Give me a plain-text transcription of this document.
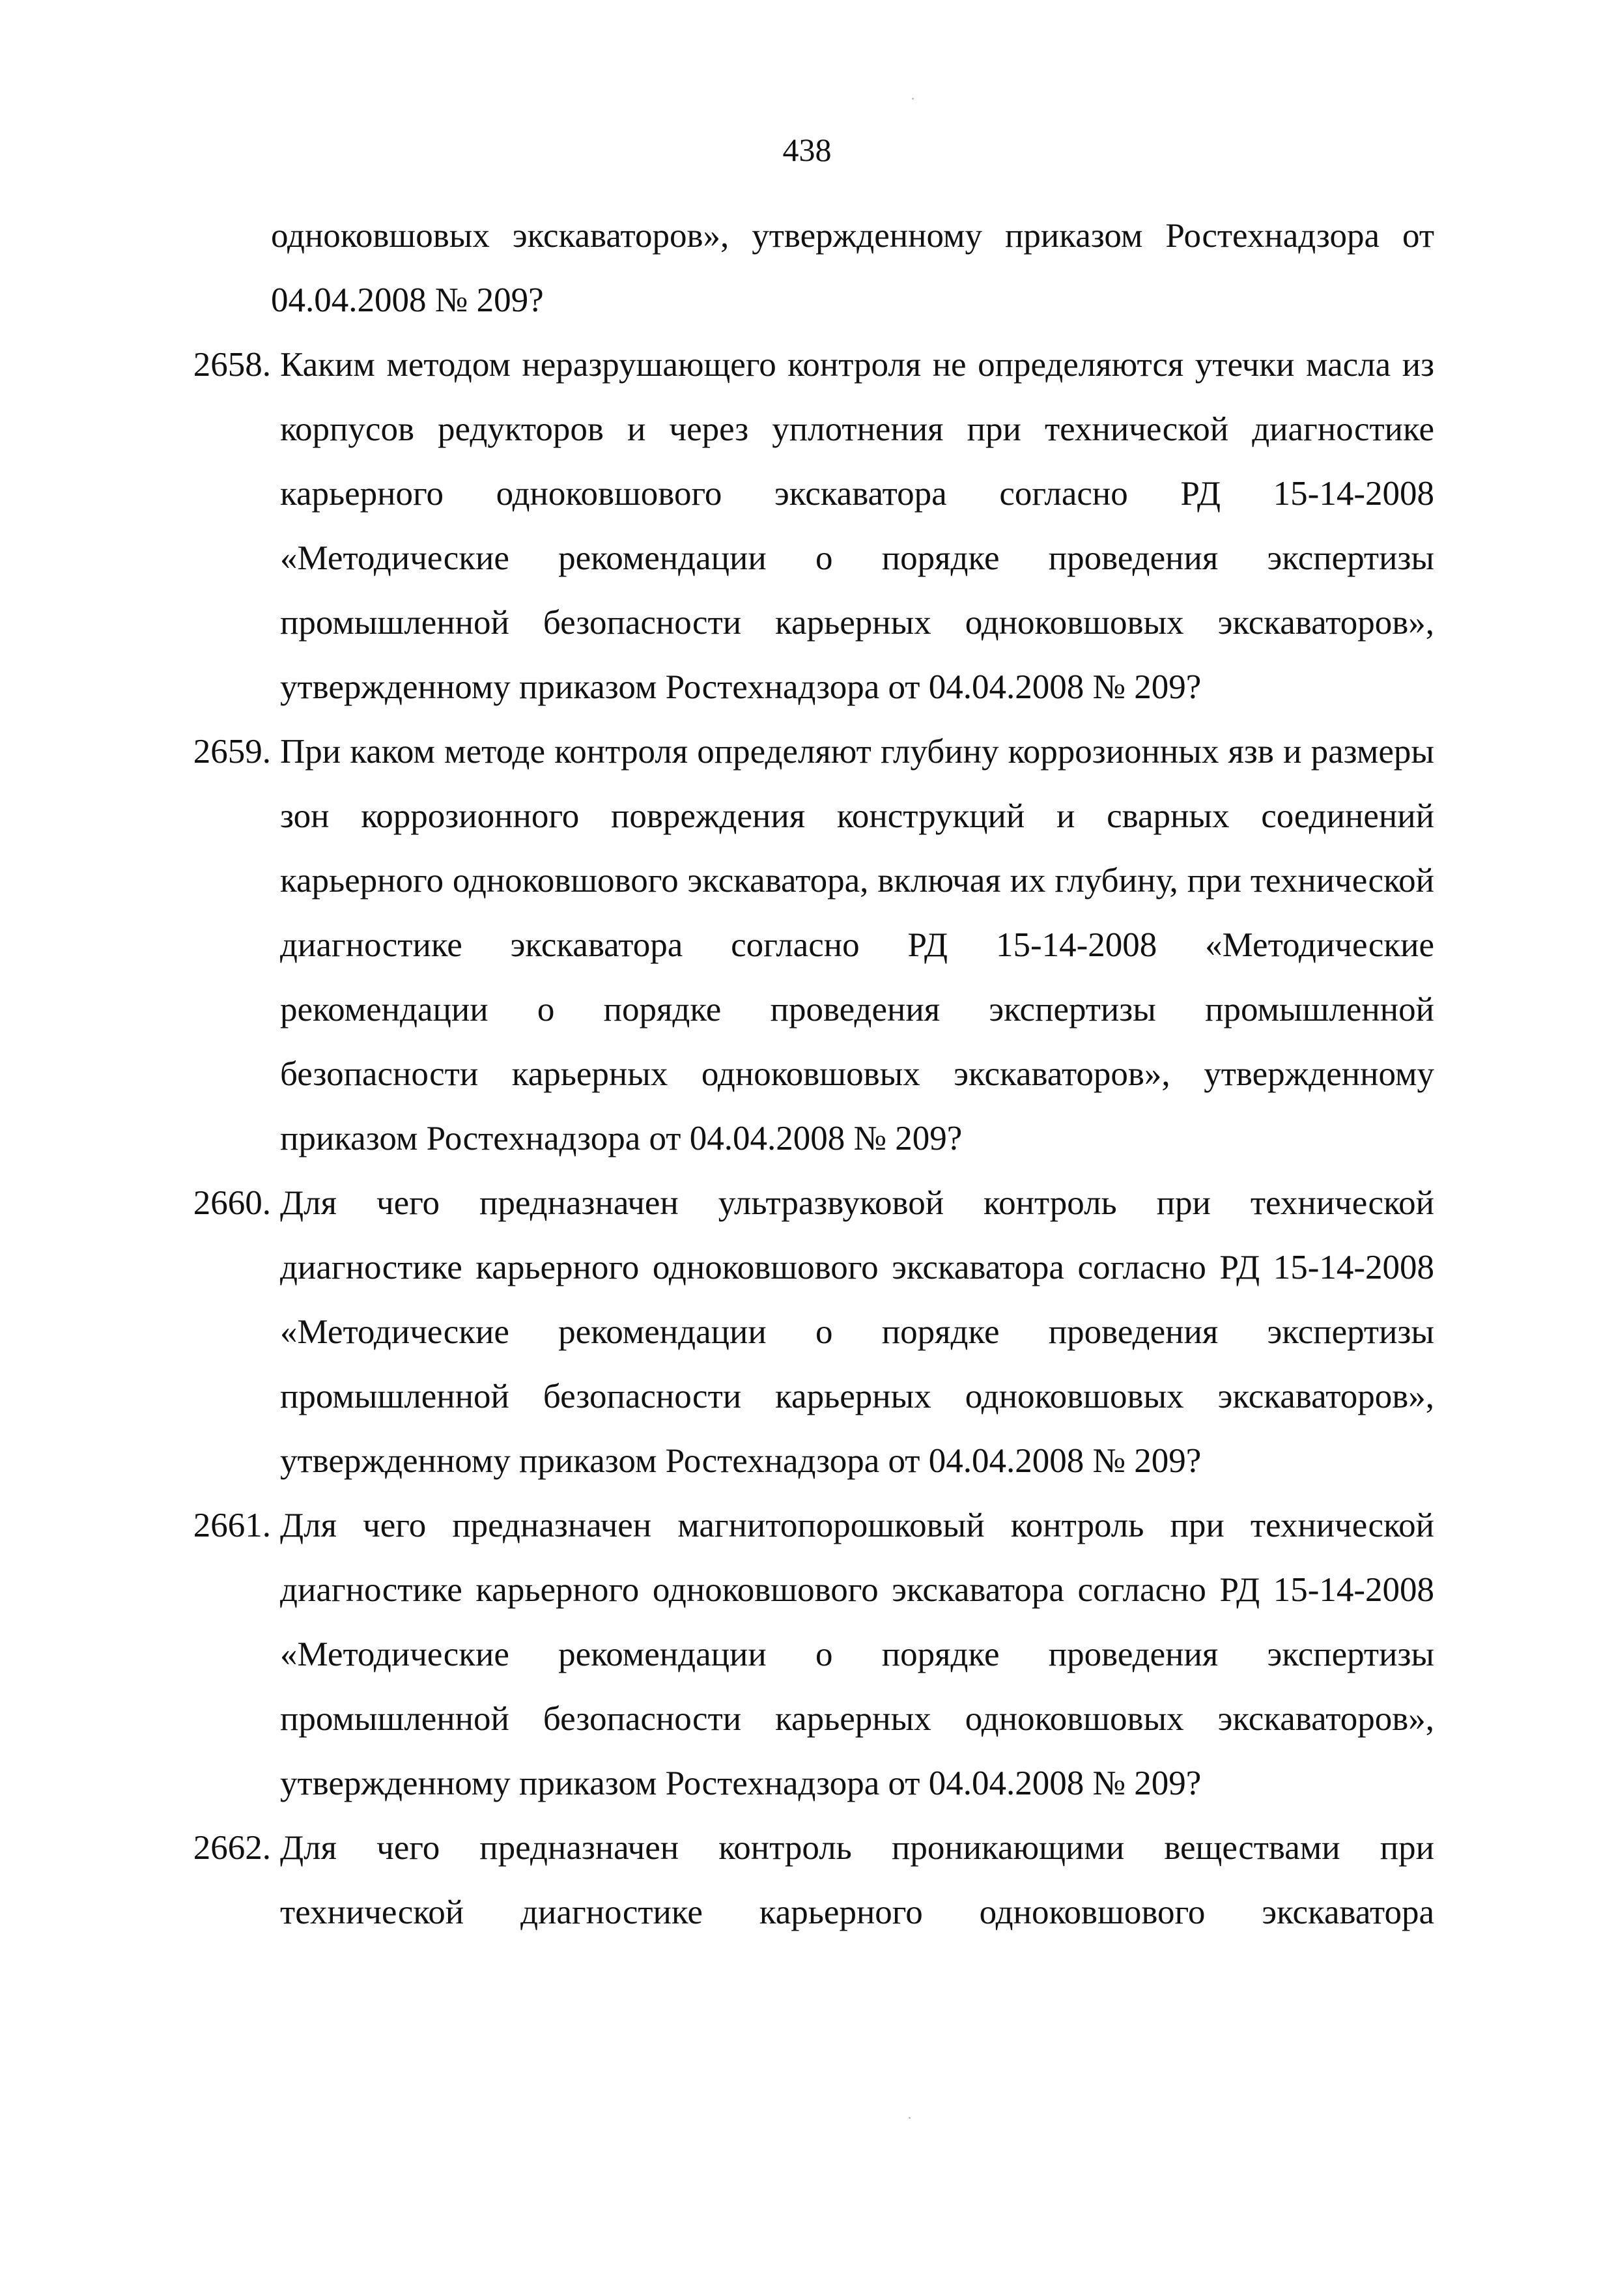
438
одноковшовых экскаваторов», утвержденному приказом Ростехнадзора от 04.04.2008 № 209?
2658. Каким методом неразрушающего контроля не определяются утечки масла из корпусов редукторов и через уплотнения при технической диагностике карьерного одноковшового экскаватора согласно РД 15-14-2008 «Методические рекомендации о порядке проведения экспертизы промышленной безопасности карьерных одноковшовых экскаваторов», утвержденному приказом Ростехнадзора от 04.04.2008 № 209?
2659. При каком методе контроля определяют глубину коррозионных язв и размеры зон коррозионного повреждения конструкций и сварных соединений карьерного одноковшового экскаватора, включая их глубину, при технической диагностике экскаватора согласно РД 15-14-2008 «Методические рекомендации о порядке проведения экспертизы промышленной безопасности карьерных одноковшовых экскаваторов», утвержденному приказом Ростехнадзора от 04.04.2008 № 209?
2660. Для чего предназначен ультразвуковой контроль при технической диагностике карьерного одноковшового экскаватора согласно РД 15-14-2008 «Методические рекомендации о порядке проведения экспертизы промышленной безопасности карьерных одноковшовых экскаваторов», утвержденному приказом Ростехнадзора от 04.04.2008 № 209?
2661. Для чего предназначен магнитопорошковый контроль при технической диагностике карьерного одноковшового экскаватора согласно РД 15-14-2008 «Методические рекомендации о порядке проведения экспертизы промышленной безопасности карьерных одноковшовых экскаваторов», утвержденному приказом Ростехнадзора от 04.04.2008 № 209?
2662. Для чего предназначен контроль проникающими веществами при технической диагностике карьерного одноковшового экскаватора
